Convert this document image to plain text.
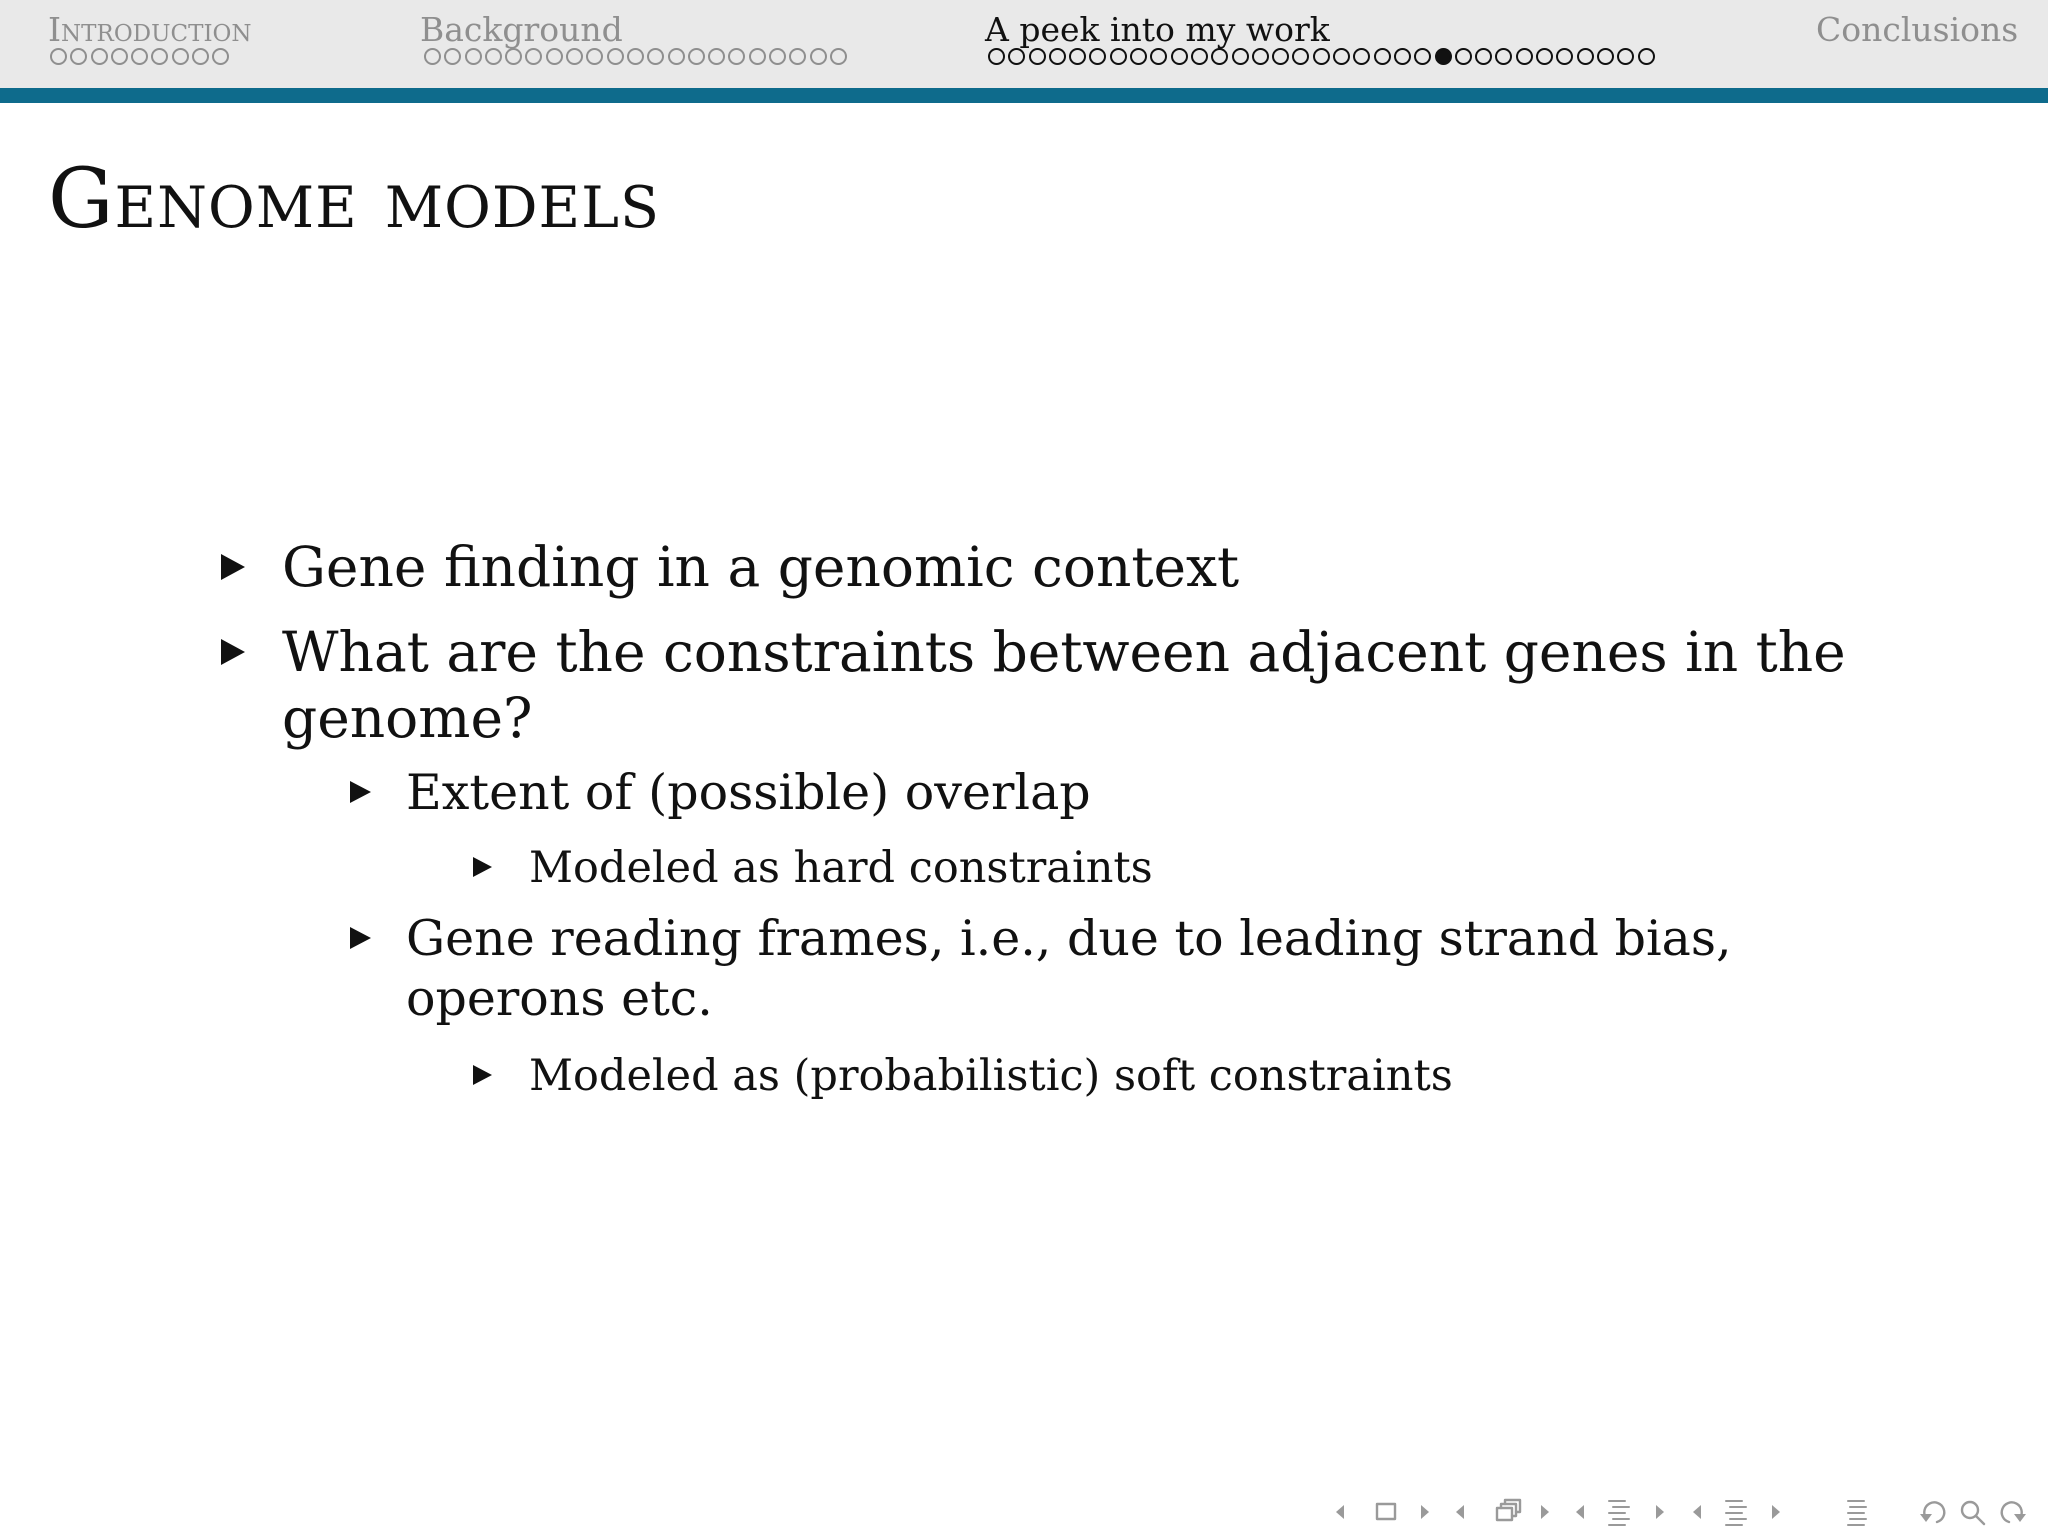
Introduction	Background	A peek into my work	Conclusions
Genome models
Gene finding in a genomic context
What are the constraints between adjacent genes in the
genome?
Extent of (possible) overlap
Modeled as hard constraints
Gene reading frames, i.e., due to leading strand bias,
operons etc.
Modeled as (probabilistic) soft constraints
